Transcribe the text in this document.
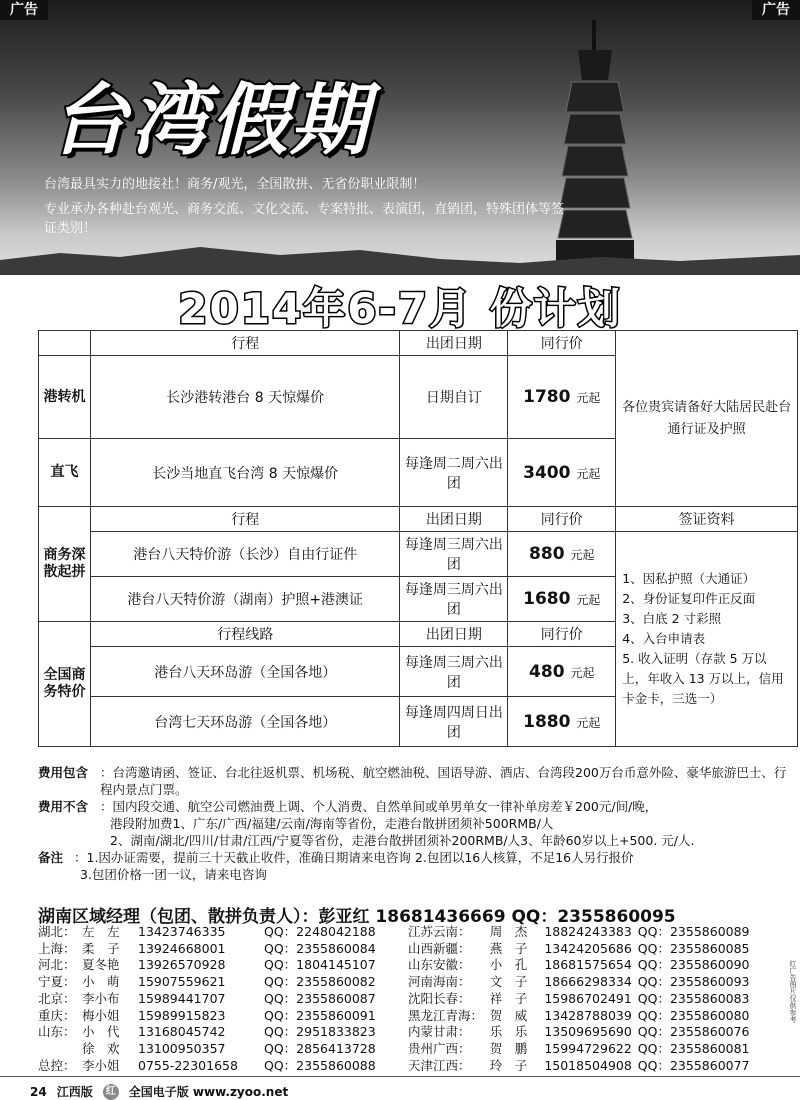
广告	广告
台湾假期
台湾最具实力的地接社！商务/观光，全国散拼、无省份职业限制！
专业承办各种赴台观光、商务交流、文化交流、专案特批、表演团，直销团，特殊团体等签证类别！
2014年6-7月 份计划
	行程	出团日期	同行价	各位贵宾请备好大陆居民赴台通行证及护照
港转机	长沙港转港台 8 天惊爆价	日期自订	1780 元起	
直飞	长沙当地直飞台湾 8 天惊爆价	每逢周二周六出团	3400 元起	
商务深散起拼	行程	出团日期	同行价	签证资料
	港台八天特价游（长沙）自由行证件	每逢周三周六出团	880 元起	1、因私护照（大通证）
2、身份证复印件正反面
3、白底 2 寸彩照
4、入台申请表
5. 收入证明（存款 5 万以上，年收入 13 万以上，信用卡金卡，三选一）

	港台八天特价游（湖南）护照+港澳证	每逢周三周六出团	1680 元起	
全国商务特价	行程线路	出团日期	同行价	
	港台八天环岛游（全国各地）	每逢周三周六出团	480 元起	
	台湾七天环岛游（全国各地）	每逢周四周日出团	1880 元起	
费用包含 ：台湾邀请函、签证、台北往返机票、机场税、航空燃油税、国语导游、酒店、台湾段200万台币意外险、豪华旅游巴士、行程内景点门票。
费用不含 ：国内段交通、航空公司燃油费上调、个人消费、自然单间或单男单女一律补单房差￥200元/间/晚，
港段附加费1、广东/广西/福建/云南/海南等省份，走港台散拼团须补500RMB/人
2、湖南/湖北/四川/甘肃/江西/宁夏等省份，走港台散拼团须补200RMB/人3、年龄60岁以上+500. 元/人.
备注 ：1.因办证需要，提前三十天截止收件，准确日期请来电咨询 2.包团以16人核算，不足16人另行报价
3.包团价格一团一议，请来电咨询
湖南区域经理（包团、散拼负责人）：彭亚红 18681436669 QQ：2355860095
湖北： 左　左	13423746335	QQ：2248042188
上海： 柔　子	13924668001	QQ：2355860084
河北： 夏冬艳	13926570928	QQ：1804145107
宁夏： 小　萌	15907559621	QQ：2355860082
北京： 李小布	15989441707	QQ：2355860087
重庆： 梅小姐	15989915823	QQ：2355860091
山东： 小　代	13168045742	QQ：2951833823
徐　欢	13100950357	QQ：2856413728
总控： 李小姐	0755-22301658	QQ：2355860088
江苏云南：	周　杰	18824243383 QQ：2355860089
山西新疆：	燕　子	13424205686 QQ：2355860085
山东安徽：	小　孔	18681575654 QQ：2355860090
河南海南：	文　子	18666298334 QQ：2355860093
沈阳长春：	祥　子	15986702491 QQ：2355860083
黑龙江青海： 贺　威	13428788039 QQ：2355860080
内蒙甘肃：	乐　乐	13509695690 QQ：2355860076
贵州广西：	贺　鹏	15994729622 QQ：2355860081
天津江西：	玲　子	15018504908 QQ：2355860077
红广告图片仅供参考
24 江西版	红 全国电子版 www.zyoo.net
